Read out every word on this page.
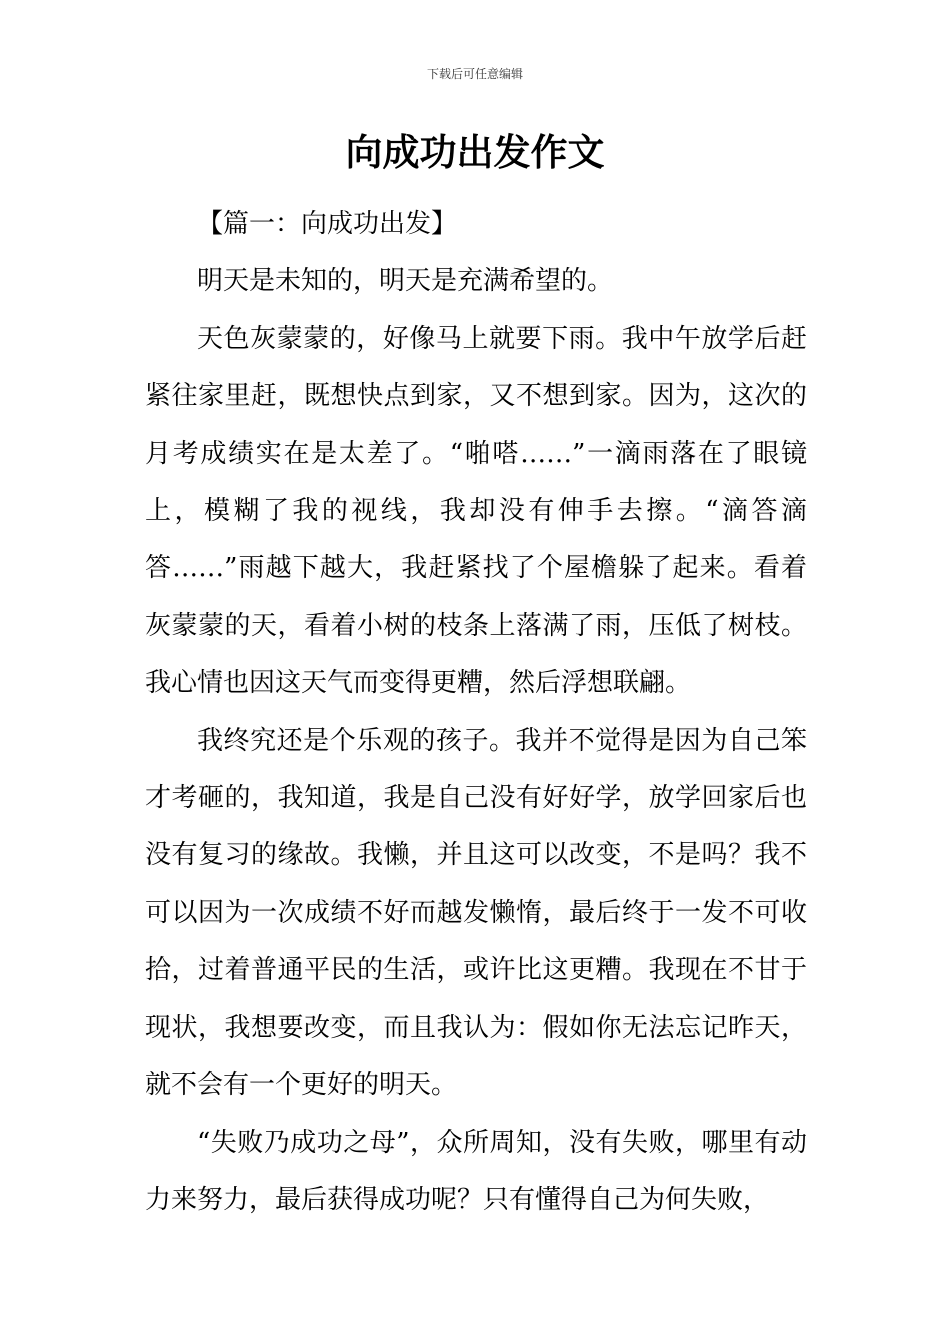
下载后可任意编辑
向成功出发作文

【篇一：向成功出发】

明天是未知的，明天是充满希望的。

天色灰蒙蒙的，好像马上就要下雨。我中午放学后赶紧往家里赶，既想快点到家，又不想到家。因为，这次的月考成绩实在是太差了。“啪嗒……”一滴雨落在了眼镜上，模糊了我的视线，我却没有伸手去擦。“滴答滴答……”雨越下越大，我赶紧找了个屋檐躲了起来。看着灰蒙蒙的天，看着小树的枝条上落满了雨，压低了树枝。我心情也因这天气而变得更糟，然后浮想联翩。

我终究还是个乐观的孩子。我并不觉得是因为自己笨才考砸的，我知道，我是自己没有好好学，放学回家后也没有复习的缘故。我懒，并且这可以改变，不是吗？我不可以因为一次成绩不好而越发懒惰，最后终于一发不可收拾，过着普通平民的生活，或许比这更糟。我现在不甘于现状，我想要改变，而且我认为：假如你无法忘记昨天，就不会有一个更好的明天。

“失败乃成功之母”，众所周知，没有失败，哪里有动力来努力，最后获得成功呢？只有懂得自己为何失败，
